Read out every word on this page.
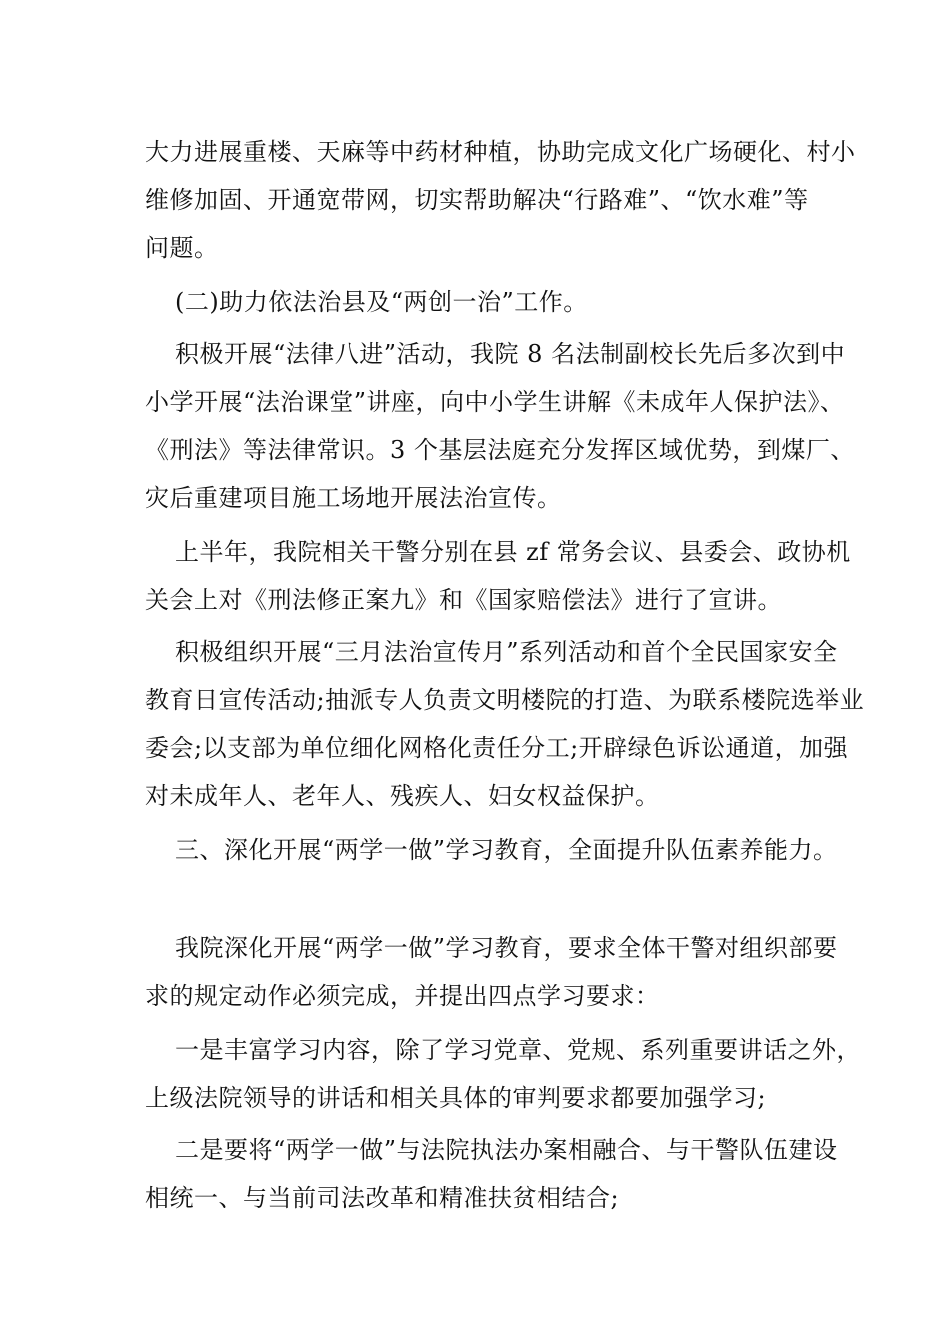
大力进展重楼、天麻等中药材种植，协助完成文化广场硬化、村小
维修加固、开通宽带网，切实帮助解决“行路难”、“饮水难”等
问题。
(二)助力依法治县及“两创一治”工作。
积极开展“法律八进”活动，我院 8 名法制副校长先后多次到中
小学开展“法治课堂”讲座，向中小学生讲解《未成年人保护法》、
《刑法》等法律常识。3 个基层法庭充分发挥区域优势，到煤厂、
灾后重建项目施工场地开展法治宣传。
上半年，我院相关干警分别在县 zf 常务会议、县委会、政协机
关会上对《刑法修正案九》和《国家赔偿法》进行了宣讲。
积极组织开展“三月法治宣传月”系列活动和首个全民国家安全
教育日宣传活动;抽派专人负责文明楼院的打造、为联系楼院选举业
委会;以支部为单位细化网格化责任分工;开辟绿色诉讼通道，加强
对未成年人、老年人、残疾人、妇女权益保护。
三、深化开展“两学一做”学习教育，全面提升队伍素养能力。
我院深化开展“两学一做”学习教育，要求全体干警对组织部要
求的规定动作必须完成，并提出四点学习要求：
一是丰富学习内容，除了学习党章、党规、系列重要讲话之外，
上级法院领导的讲话和相关具体的审判要求都要加强学习;
二是要将“两学一做”与法院执法办案相融合、与干警队伍建设
相统一、与当前司法改革和精准扶贫相结合;
